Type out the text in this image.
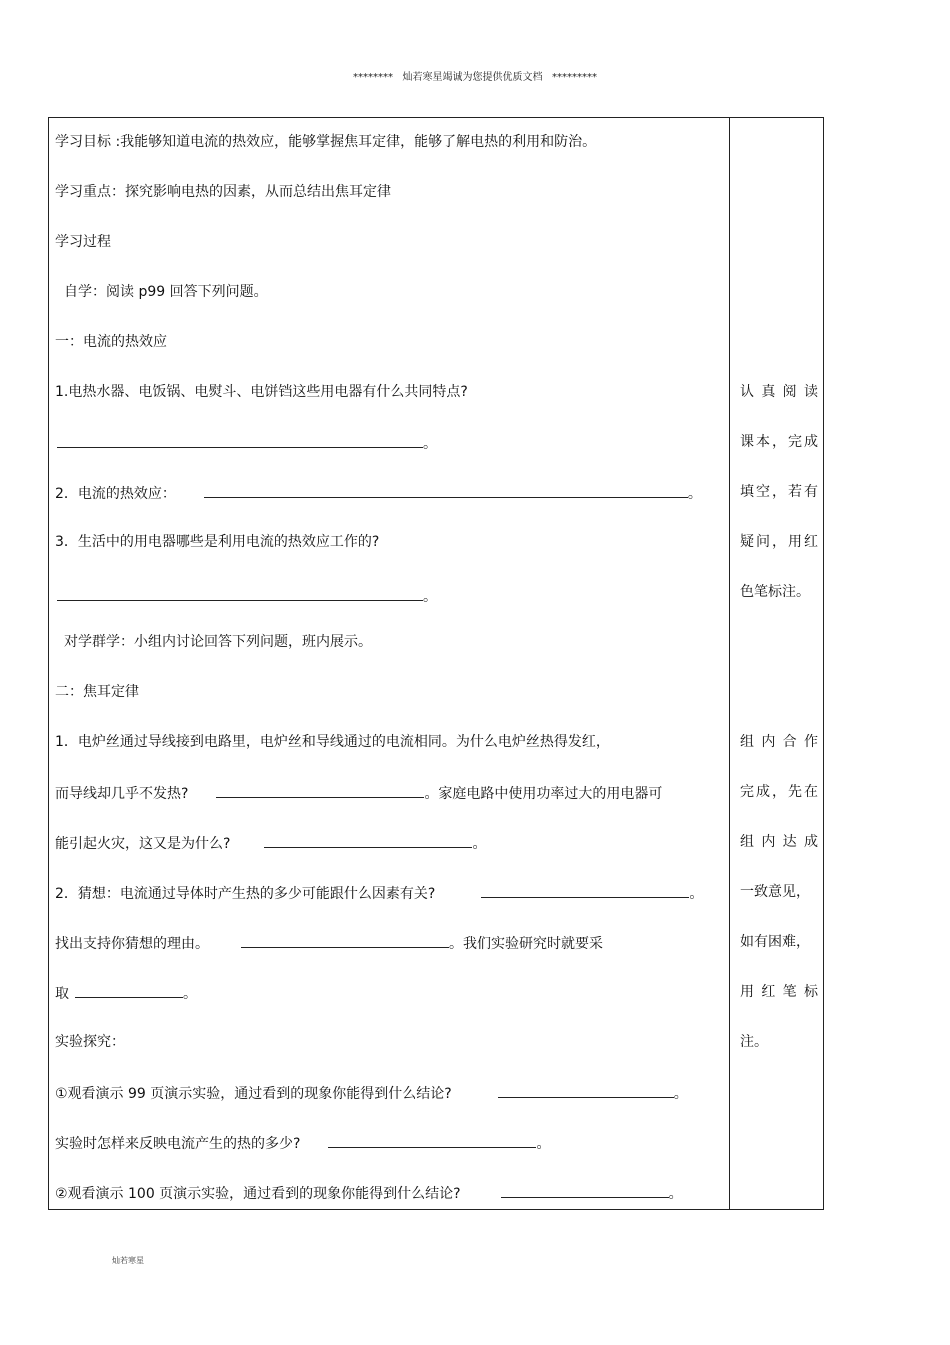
********   灿若寒星竭诚为您提供优质文档   *********
学习目标 :我能够知道电流的热效应，能够掌握焦耳定律，能够了解电热的利用和防治。
学习重点：探究影响电热的因素，从而总结出焦耳定律
学习过程
自学：阅读 p99 回答下列问题。
一：电流的热效应
1.电热水器、电饭锅、电熨斗、电饼铛这些用电器有什么共同特点?
。
2．电流的热效应：	。
3．生活中的用电器哪些是利用电流的热效应工作的?
。
对学群学：小组内讨论回答下列问题，班内展示。
二：焦耳定律
1．电炉丝通过导线接到电路里，电炉丝和导线通过的电流相同。为什么电炉丝热得发红，
而导线却几乎不发热?	。家庭电路中使用功率过大的用电器可
能引起火灾，这又是为什么?	。
2．猜想：电流通过导体时产生热的多少可能跟什么因素有关?	。
找出支持你猜想的理由。	。我们实验研究时就要采
取	。
实验探究：
①观看演示 99 页演示实验，通过看到的现象你能得到什么结论?	。
实验时怎样来反映电流产生的热的多少?	。
②观看演示 100 页演示实验，通过看到的现象你能得到什么结论?	。
认 真 阅 读
课本，完成
填空，若有
疑问，用红
色笔标注。
组 内 合 作
完成，先在
组 内 达 成
一致意见，
如有困难，
用 红 笔 标
注。
灿若寒星
